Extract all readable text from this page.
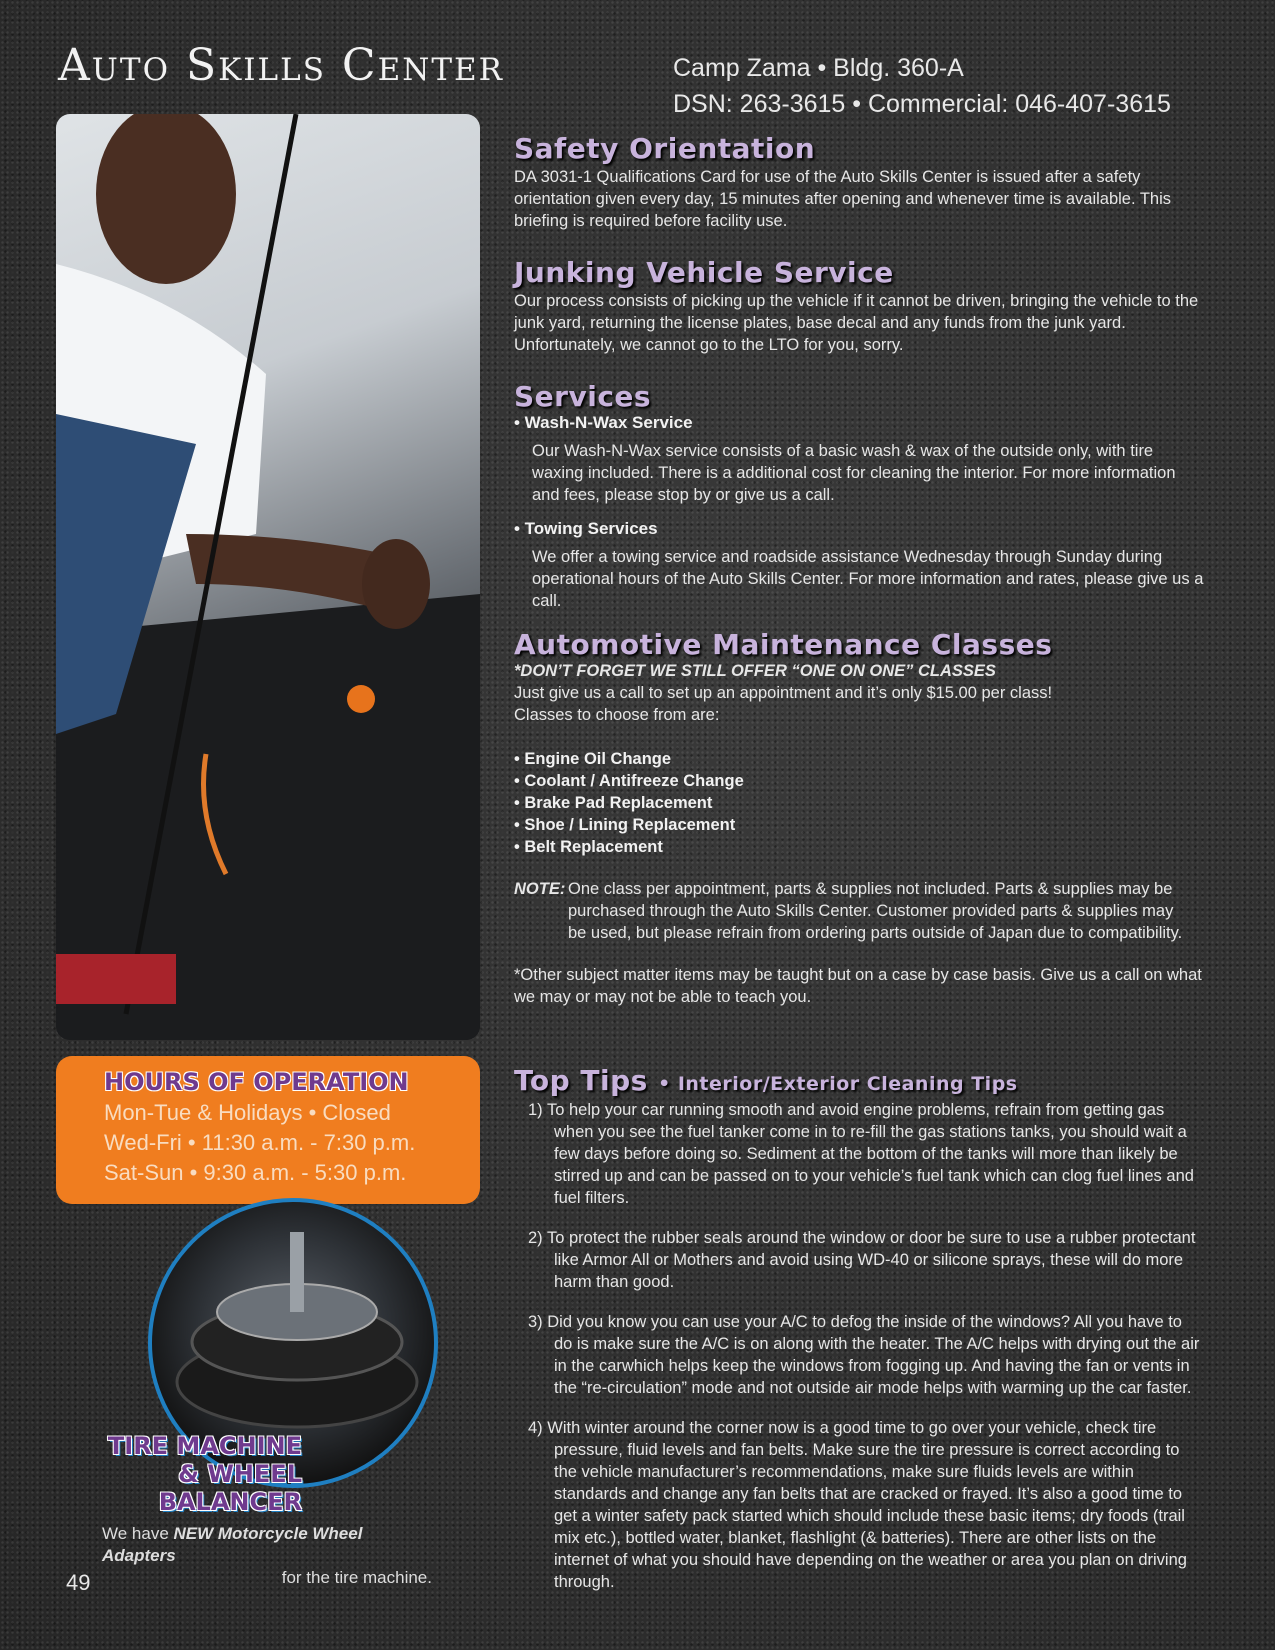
Auto Skills Center	Camp Zama • Bldg. 360-A
DSN: 263-3615 • Commercial: 046-407-3615
HOURS OF OPERATION
Mon-Tue & Holidays • Closed
Wed-Fri • 11:30 a.m. - 7:30 p.m.
Sat-Sun • 9:30 a.m. - 5:30 p.m.
TIRE MACHINE
& WHEEL BALANCER
We have NEW Motorcycle Wheel Adapters
for the tire machine.
49
Safety Orientation

DA 3031-1 Qualifications Card for use of the Auto Skills Center is issued after a safety orientation given every day, 15 minutes after opening and whenever time is available. This briefing is required before facility use.

Junking Vehicle Service

Our process consists of picking up the vehicle if it cannot be driven, bringing the vehicle to the junk yard, returning the license plates, base decal and any funds from the junk yard. Unfortunately, we cannot go to the LTO for you, sorry.

Services

• Wash-N-Wax Service

Our Wash-N-Wax service consists of a basic wash & wax of the outside only, with tire waxing included. There is a additional cost for cleaning the interior. For more information and fees, please stop by or give us a call.

• Towing Services

We offer a towing service and roadside assistance Wednesday through Sunday during operational hours of the Auto Skills Center. For more information and rates, please give us a call.

Automotive Maintenance Classes

*DON’T FORGET WE STILL OFFER “ONE ON ONE” CLASSES

Just give us a call to set up an appointment and it’s only $15.00 per class!

Classes to choose from are:

• Engine Oil Change
• Coolant / Antifreeze Change
• Brake Pad Replacement
• Shoe / Lining Replacement
• Belt Replacement
NOTE: One class per appointment, parts & supplies not included. Parts & supplies may be purchased through the Auto Skills Center. Customer provided parts & supplies may be used, but please refrain from ordering parts outside of Japan due to compatibility.

*Other subject matter items may be taught but on a case by case basis. Give us a call on what we may or may not be able to teach you.

Top Tips • Interior/Exterior Cleaning Tips

1) To help your car running smooth and avoid engine problems, refrain from getting gas when you see the fuel tanker come in to re-fill the gas stations tanks, you should wait a few days before doing so. Sediment at the bottom of the tanks will more than likely be stirred up and can be passed on to your vehicle’s fuel tank which can clog fuel lines and fuel filters.

2) To protect the rubber seals around the window or door be sure to use a rubber protectant like Armor All or Mothers and avoid using WD-40 or silicone sprays, these will do more harm than good.

3) Did you know you can use your A/C to defog the inside of the windows? All you have to do is make sure the A/C is on along with the heater. The A/C helps with drying out the air in the carwhich helps keep the windows from fogging up. And having the fan or vents in the “re-circulation” mode and not outside air mode helps with warming up the car faster.

4) With winter around the corner now is a good time to go over your vehicle, check tire pressure, fluid levels and fan belts. Make sure the tire pressure is correct according to the vehicle manufacturer’s recommendations, make sure fluids levels are within standards and change any fan belts that are cracked or frayed. It’s also a good time to get a winter safety pack started which should include these basic items; dry foods (trail mix etc.), bottled water, blanket, flashlight (& batteries). There are other lists on the internet of what you should have depending on the weather or area you plan on driving through.
